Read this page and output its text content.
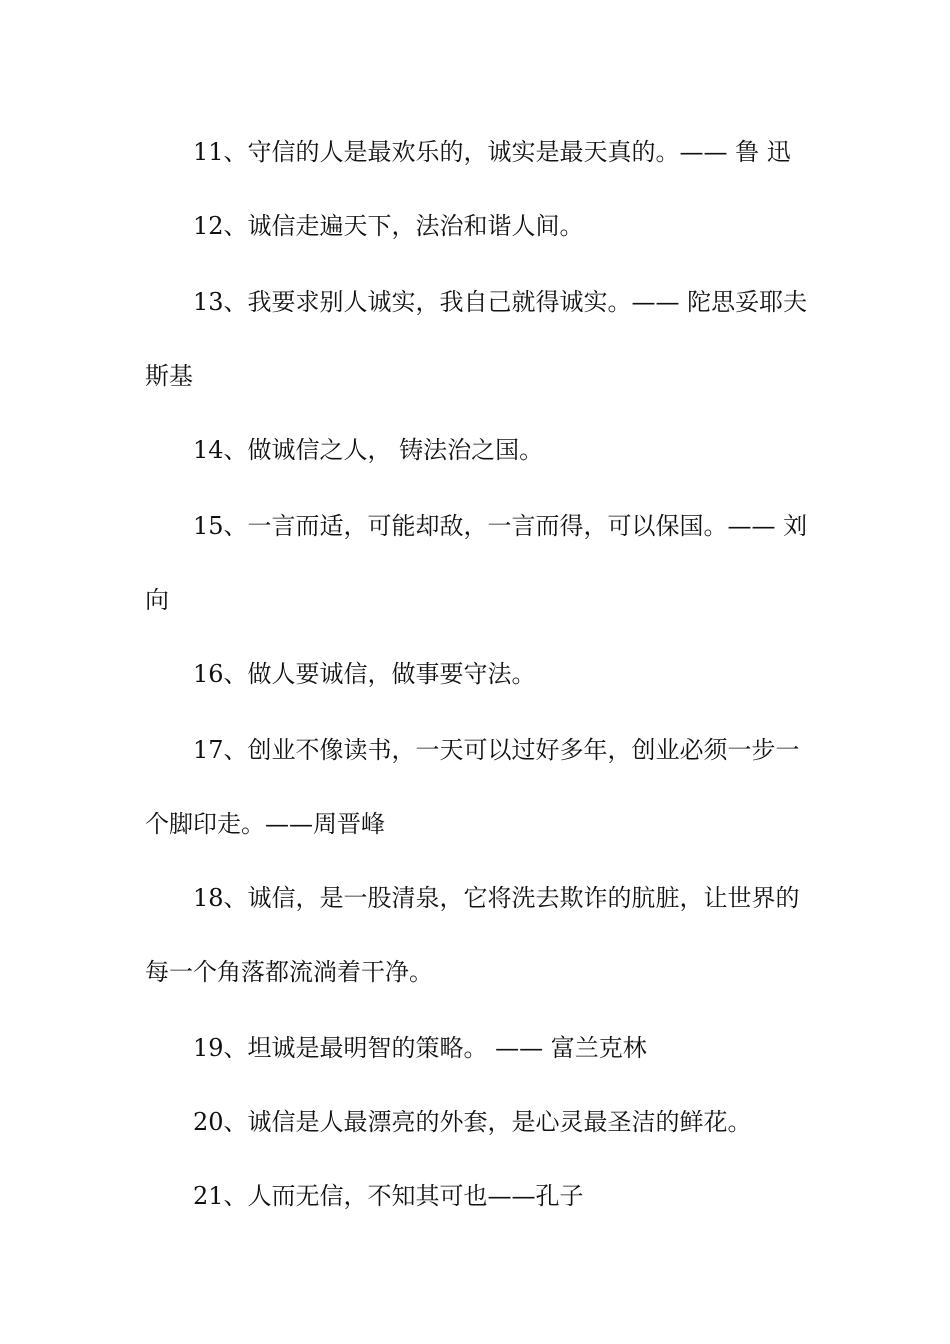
11、守信的人是最欢乐的，诚实是最天真的。—— 鲁 迅
12、诚信走遍天下，法治和谐人间。
13、我要求别人诚实，我自己就得诚实。—— 陀思妥耶夫
斯基
14、做诚信之人， 铸法治之国。
15、一言而适，可能却敌，一言而得，可以保国。—— 刘
向
16、做人要诚信，做事要守法。
17、创业不像读书，一天可以过好多年，创业必须一步一
个脚印走。——周晋峰
18、诚信，是一股清泉，它将洗去欺诈的肮脏，让世界的
每一个角落都流淌着干净。
19、坦诚是最明智的策略。 —— 富兰克林
20、诚信是人最漂亮的外套，是心灵最圣洁的鲜花。
21、人而无信，不知其可也——孔子
